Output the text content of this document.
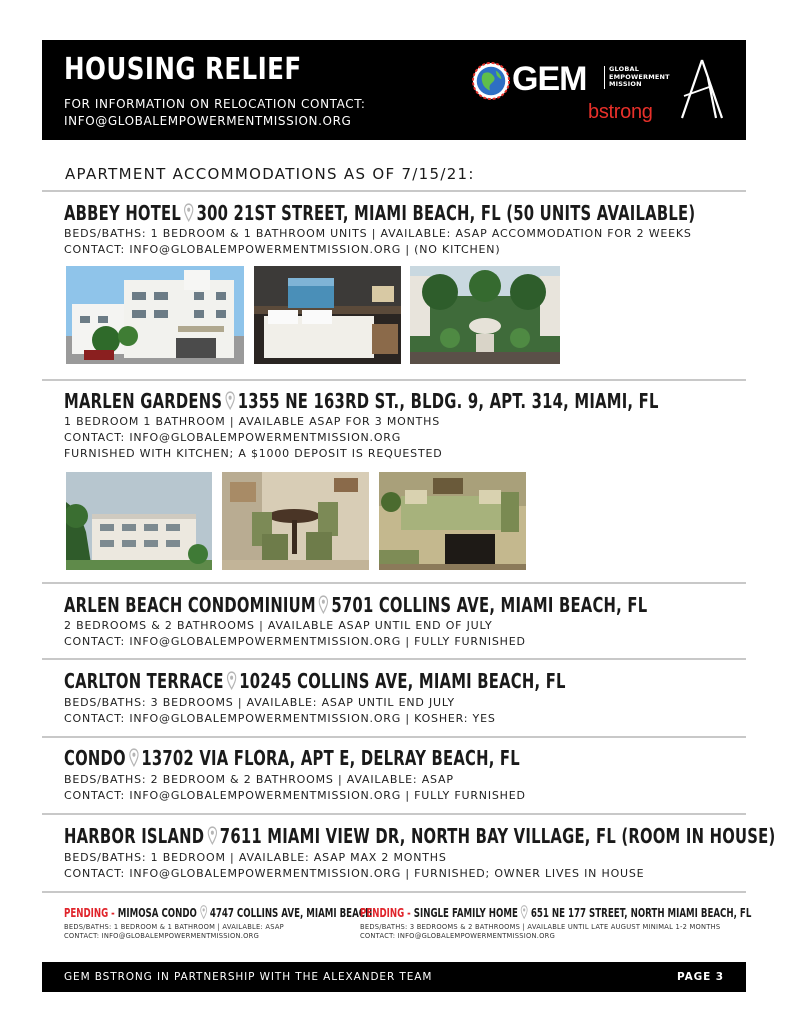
HOUSING RELIEF
FOR INFORMATION ON RELOCATION CONTACT:
INFO@GLOBALEMPOWERMENTMISSION.ORG
GEM	GLOBAL
EMPOWERMENT
MISSION
bstrong
APARTMENT ACCOMMODATIONS AS OF 7/15/21:
ABBEY HOTEL 300 21ST STREET, MIAMI BEACH, FL (50 UNITS AVAILABLE)
BEDS/BATHS: 1 BEDROOM & 1 BATHROOM UNITS | AVAILABLE: ASAP ACCOMMODATION FOR 2 WEEKS
CONTACT: INFO@GLOBALEMPOWERMENTMISSION.ORG | (NO KITCHEN)
MARLEN GARDENS 1355 NE 163RD ST., BLDG. 9, APT. 314, MIAMI, FL
1 BEDROOM 1 BATHROOM | AVAILABLE ASAP FOR 3 MONTHS
CONTACT: INFO@GLOBALEMPOWERMENTMISSION.ORG
FURNISHED WITH KITCHEN; A $1000 DEPOSIT IS REQUESTED
ARLEN BEACH CONDOMINIUM 5701 COLLINS AVE, MIAMI BEACH, FL
2 BEDROOMS & 2 BATHROOMS | AVAILABLE ASAP UNTIL END OF JULY
CONTACT: INFO@GLOBALEMPOWERMENTMISSION.ORG | FULLY FURNISHED
CARLTON TERRACE 10245 COLLINS AVE, MIAMI BEACH, FL
BEDS/BATHS: 3 BEDROOMS | AVAILABLE: ASAP UNTIL END JULY
CONTACT: INFO@GLOBALEMPOWERMENTMISSION.ORG | KOSHER: YES
CONDO 13702 VIA FLORA, APT E, DELRAY BEACH, FL
BEDS/BATHS: 2 BEDROOM & 2 BATHROOMS | AVAILABLE: ASAP
CONTACT: INFO@GLOBALEMPOWERMENTMISSION.ORG | FULLY FURNISHED
HARBOR ISLAND 7611 MIAMI VIEW DR, NORTH BAY VILLAGE, FL (ROOM IN HOUSE)
BEDS/BATHS: 1 BEDROOM | AVAILABLE: ASAP MAX 2 MONTHS
CONTACT: INFO@GLOBALEMPOWERMENTMISSION.ORG | FURNISHED; OWNER LIVES IN HOUSE
PENDING - MIMOSA CONDO 4747 COLLINS AVE, MIAMI BEACH
BEDS/BATHS: 1 BEDROOM & 1 BATHROOM | AVAILABLE: ASAP
CONTACT: INFO@GLOBALEMPOWERMENTMISSION.ORG
PENDING - SINGLE FAMILY HOME 651 NE 177 STREET, NORTH MIAMI BEACH, FL
BEDS/BATHS: 3 BEDROOMS & 2 BATHROOMS | AVAILABLE UNTIL LATE AUGUST MINIMAL 1-2 MONTHS
CONTACT: INFO@GLOBALEMPOWERMENTMISSION.ORG
GEM BSTRONG IN PARTNERSHIP WITH THE ALEXANDER TEAM	PAGE 3
